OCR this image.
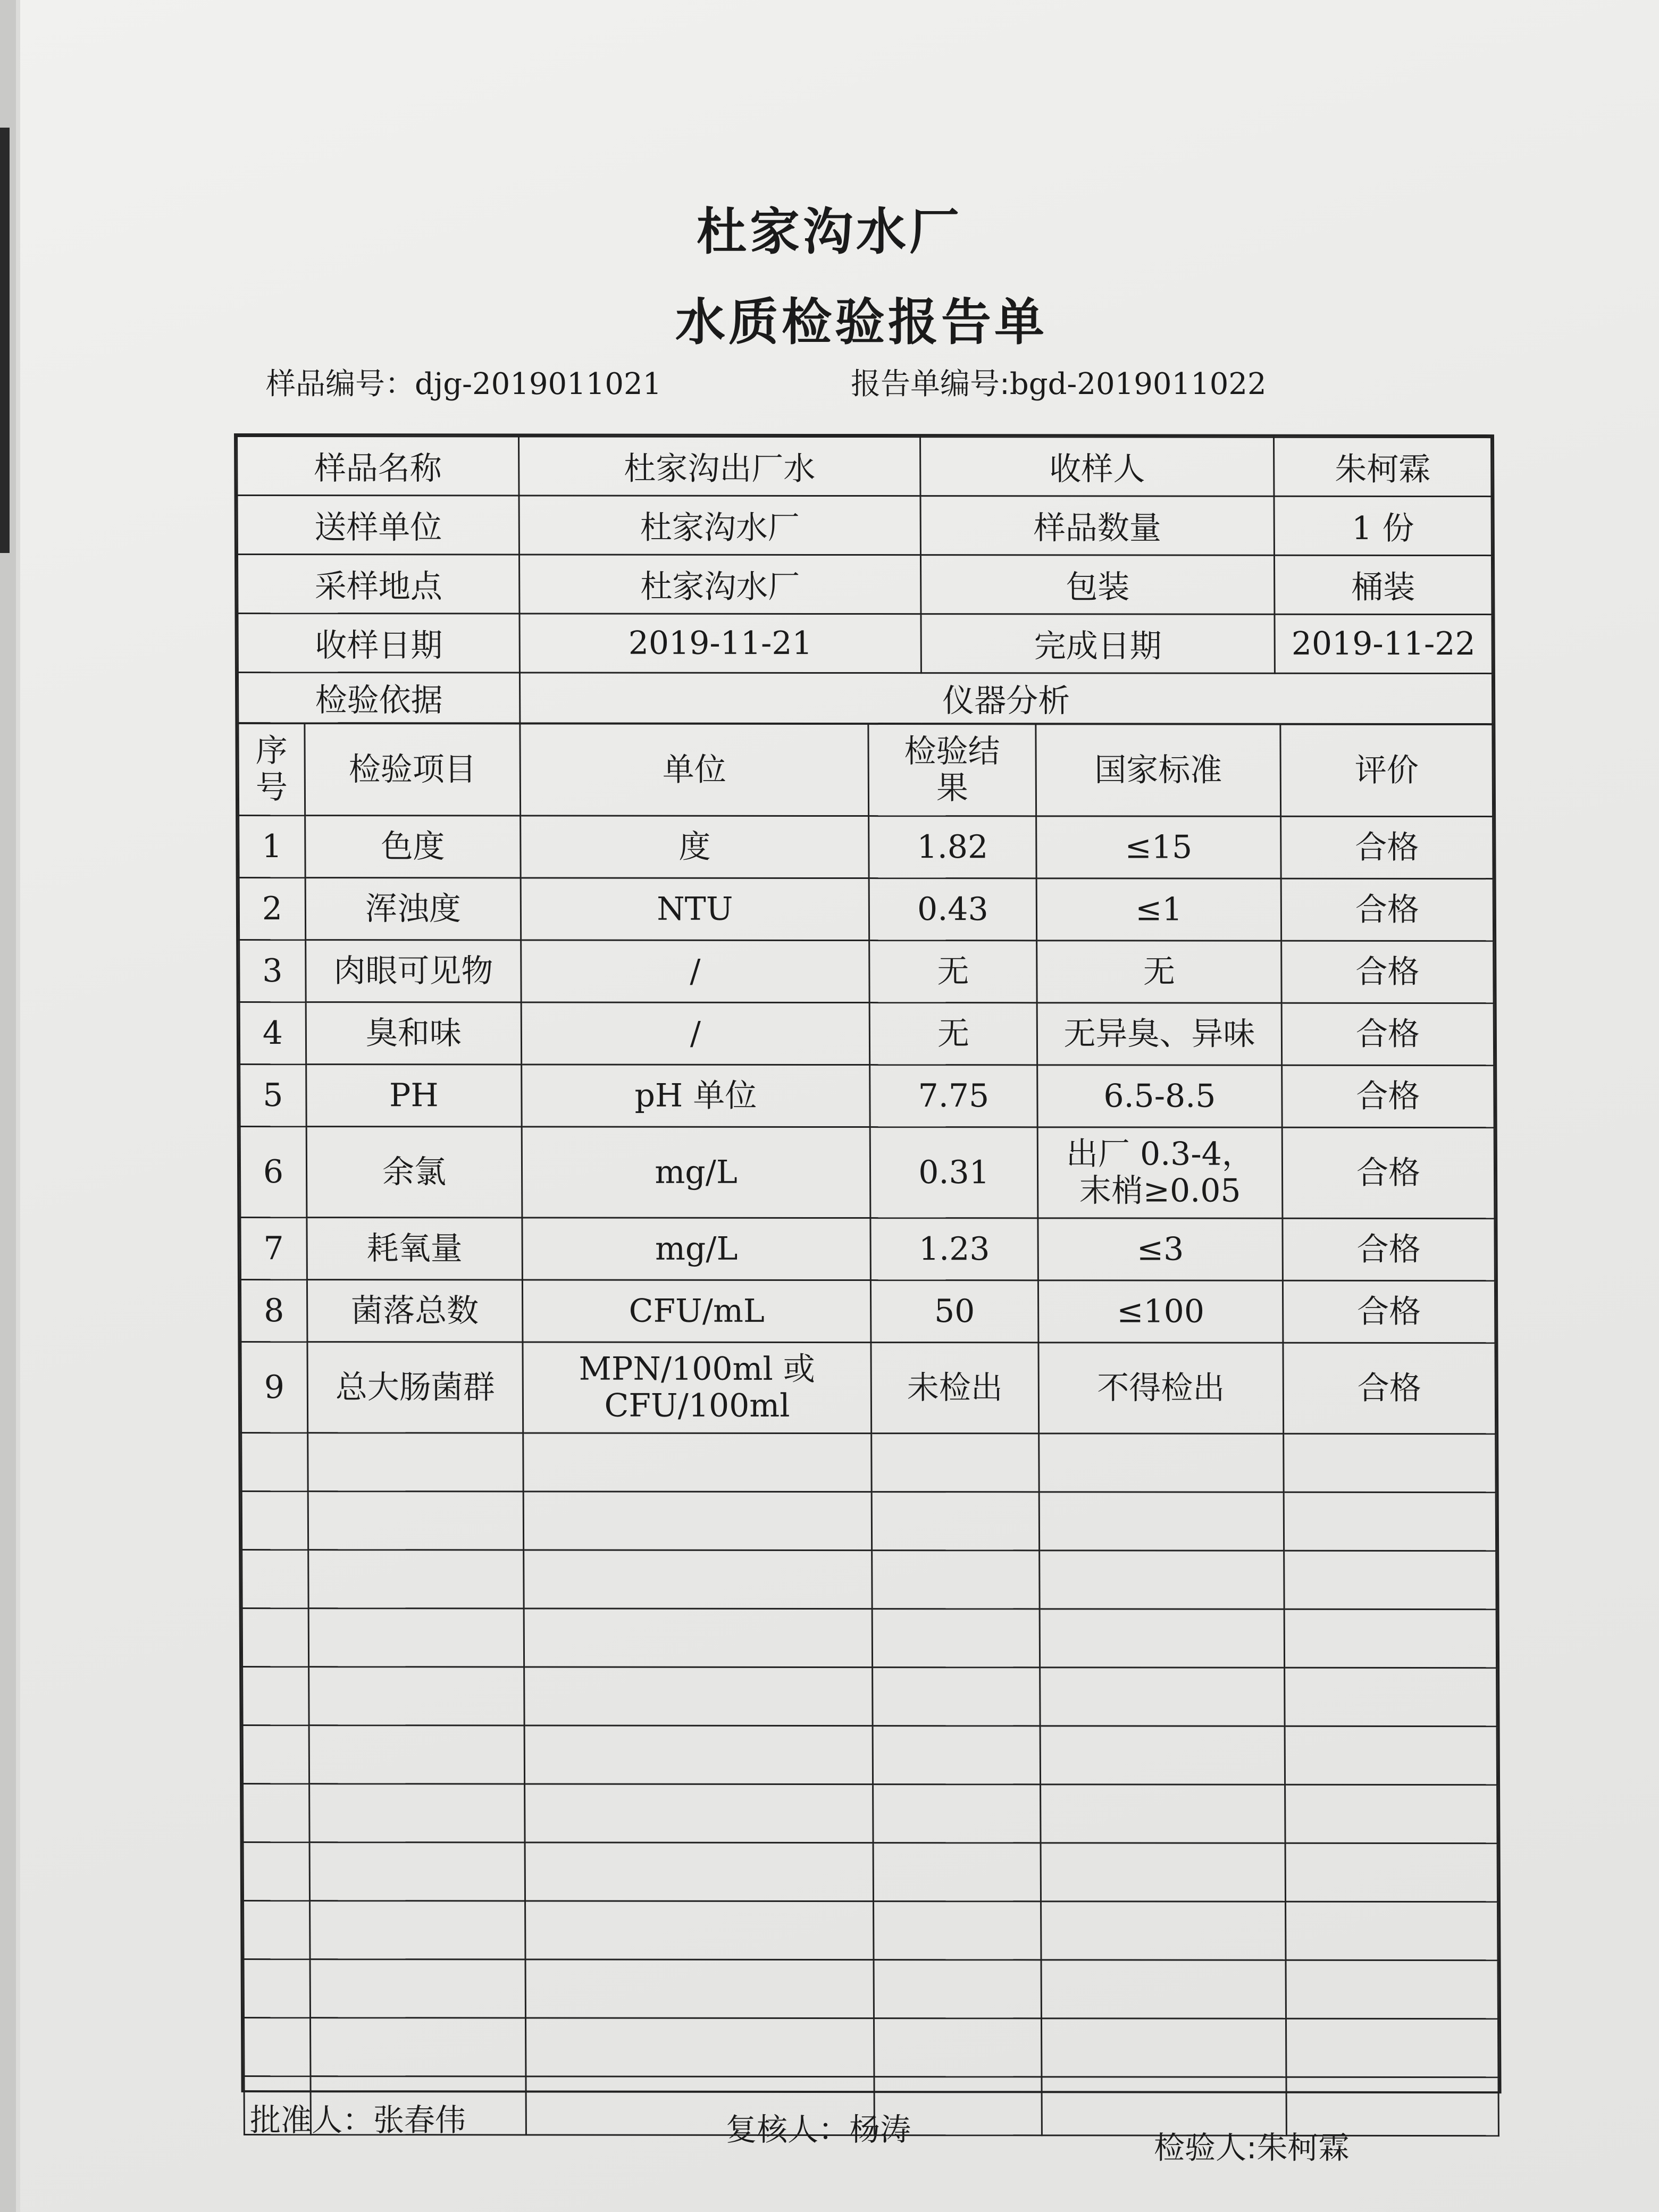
杜家沟水厂
水质检验报告单
样品编号：djg-2019011021	报告单编号:bgd-2019011022
样品名称	杜家沟出厂水	收样人	朱柯霖
送样单位	杜家沟水厂	样品数量	1 份
采样地点	杜家沟水厂	包装	桶装
收样日期	2019-11-21	完成日期	2019-11-22
检验依据	仪器分析		
序号	检验项目	单位	检验结果	国家标准	评价
1	色度	度	1.82	≤15	合格
2	浑浊度	NTU	0.43	≤1	合格
3	肉眼可见物	/	无	无	合格
4	臭和味	/	无	无异臭、异味	合格
5	PH	pH 单位	7.75	6.5-8.5	合格
6	余氯	mg/L	0.31	出厂 0.3-4，末梢≥0.05	合格
7	耗氧量	mg/L	1.23	≤3	合格
8	菌落总数	CFU/mL	50	≤100	合格
9	总大肠菌群	MPN/100ml 或 CFU/100ml	未检出	不得检出	合格

批准人：张春伟	复核人：杨涛	检验人:朱柯霖
